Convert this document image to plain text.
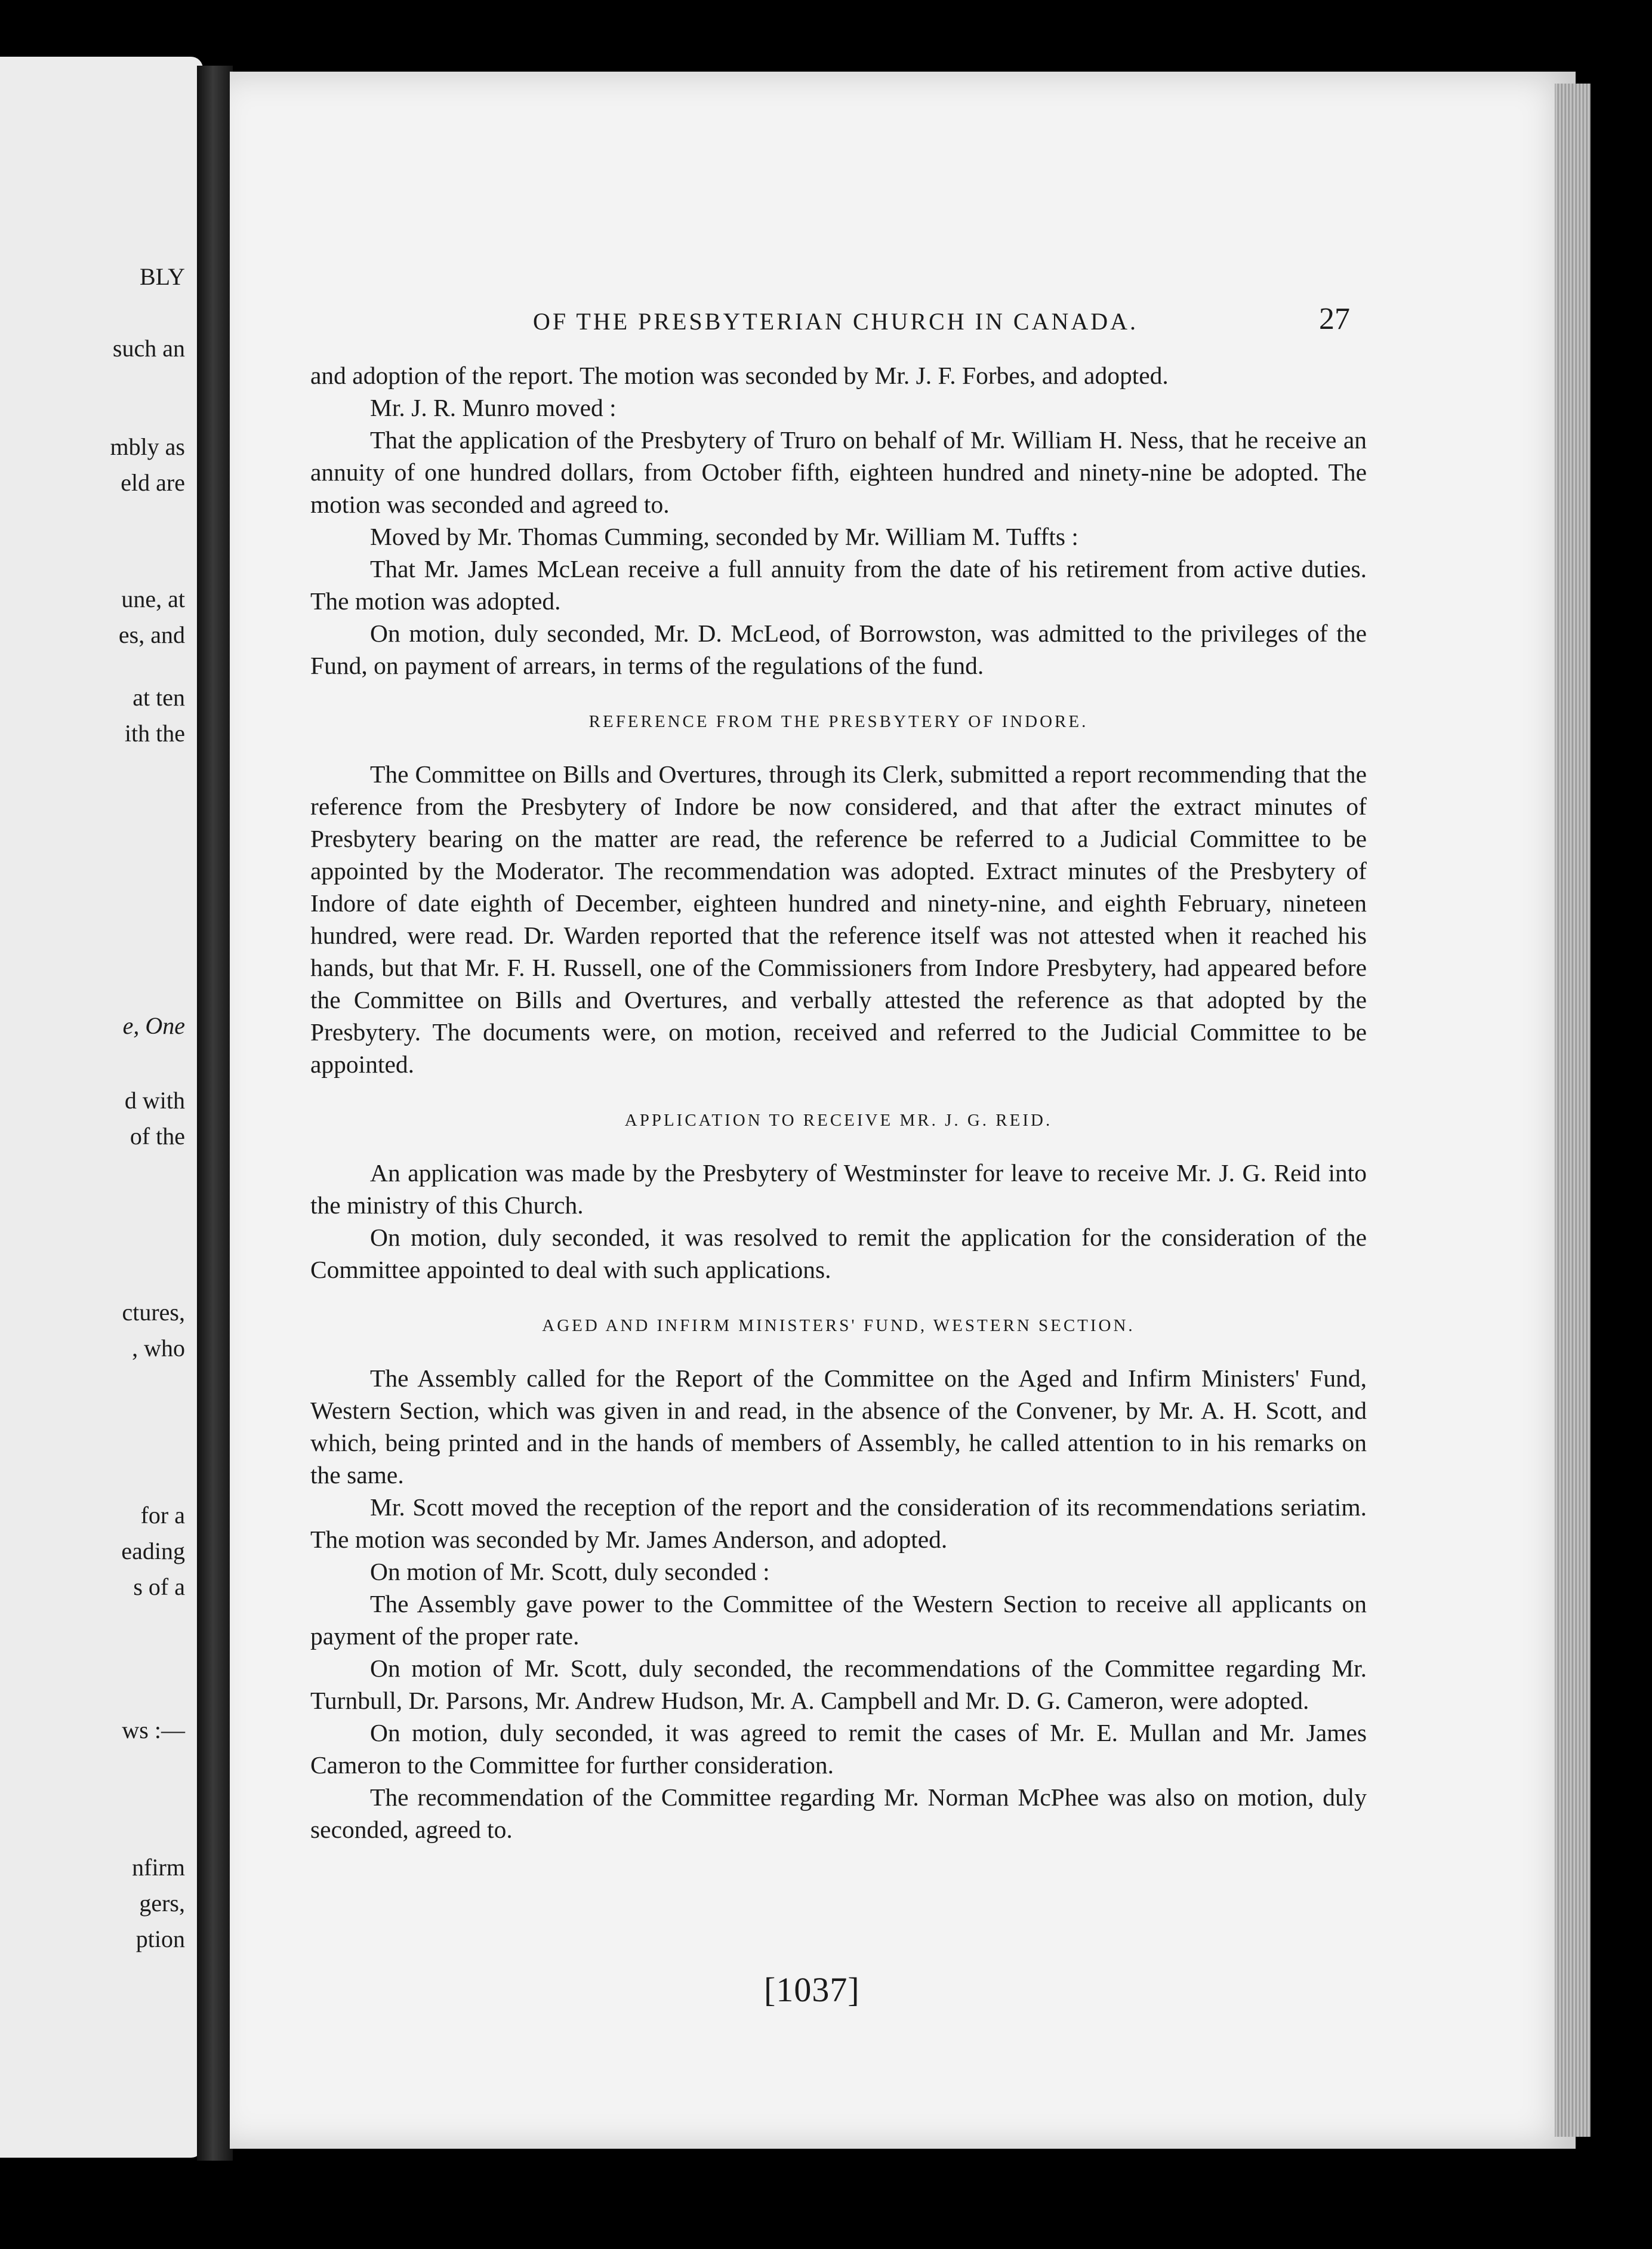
BLY
such an
mbly as
eld are
une, at
es, and
at ten
ith the
e, One
d with
of the
ctures,
, who
for a
eading
s of a
ws :—
nfirm
gers,
ption
OF THE PRESBYTERIAN CHURCH IN CANADA.	27

and adoption of the report. The motion was seconded by Mr. J. F. Forbes, and adopted.

Mr. J. R. Munro moved :

That the application of the Presbytery of Truro on behalf of Mr. William H. Ness, that he receive an annuity of one hundred dollars, from October fifth, eighteen hundred and ninety-nine be adopted. The motion was seconded and agreed to.

Moved by Mr. Thomas Cumming, seconded by Mr. William M. Tuffts :

That Mr. James McLean receive a full annuity from the date of his retirement from active duties. The motion was adopted.

On motion, duly seconded, Mr. D. McLeod, of Borrowston, was admitted to the privileges of the Fund, on payment of arrears, in terms of the regulations of the fund.

REFERENCE FROM THE PRESBYTERY OF INDORE.

The Committee on Bills and Overtures, through its Clerk, submitted a report recommending that the reference from the Presbytery of Indore be now considered, and that after the extract minutes of Presbytery bearing on the matter are read, the reference be referred to a Judicial Committee to be appointed by the Moderator. The recommendation was adopted. Extract minutes of the Presbytery of Indore of date eighth of December, eighteen hundred and ninety-nine, and eighth February, nineteen hundred, were read. Dr. Warden reported that the reference itself was not attested when it reached his hands, but that Mr. F. H. Russell, one of the Commissioners from Indore Presbytery, had appeared before the Committee on Bills and Overtures, and verbally attested the reference as that adopted by the Presbytery. The documents were, on motion, received and referred to the Judicial Committee to be appointed.

APPLICATION TO RECEIVE MR. J. G. REID.

An application was made by the Presbytery of Westminster for leave to receive Mr. J. G. Reid into the ministry of this Church.

On motion, duly seconded, it was resolved to remit the application for the consideration of the Committee appointed to deal with such applications.

AGED AND INFIRM MINISTERS' FUND, WESTERN SECTION.

The Assembly called for the Report of the Committee on the Aged and Infirm Ministers' Fund, Western Section, which was given in and read, in the absence of the Convener, by Mr. A. H. Scott, and which, being printed and in the hands of members of Assembly, he called attention to in his remarks on the same.

Mr. Scott moved the reception of the report and the consideration of its recommendations seriatim. The motion was seconded by Mr. James Anderson, and adopted.

On motion of Mr. Scott, duly seconded :

The Assembly gave power to the Committee of the Western Section to receive all applicants on payment of the proper rate.

On motion of Mr. Scott, duly seconded, the recommendations of the Committee regarding Mr. Turnbull, Dr. Parsons, Mr. Andrew Hudson, Mr. A. Campbell and Mr. D. G. Cameron, were adopted.

On motion, duly seconded, it was agreed to remit the cases of Mr. E. Mullan and Mr. James Cameron to the Committee for further consideration.

The recommendation of the Committee regarding Mr. Norman McPhee was also on motion, duly seconded, agreed to.

[1037]
